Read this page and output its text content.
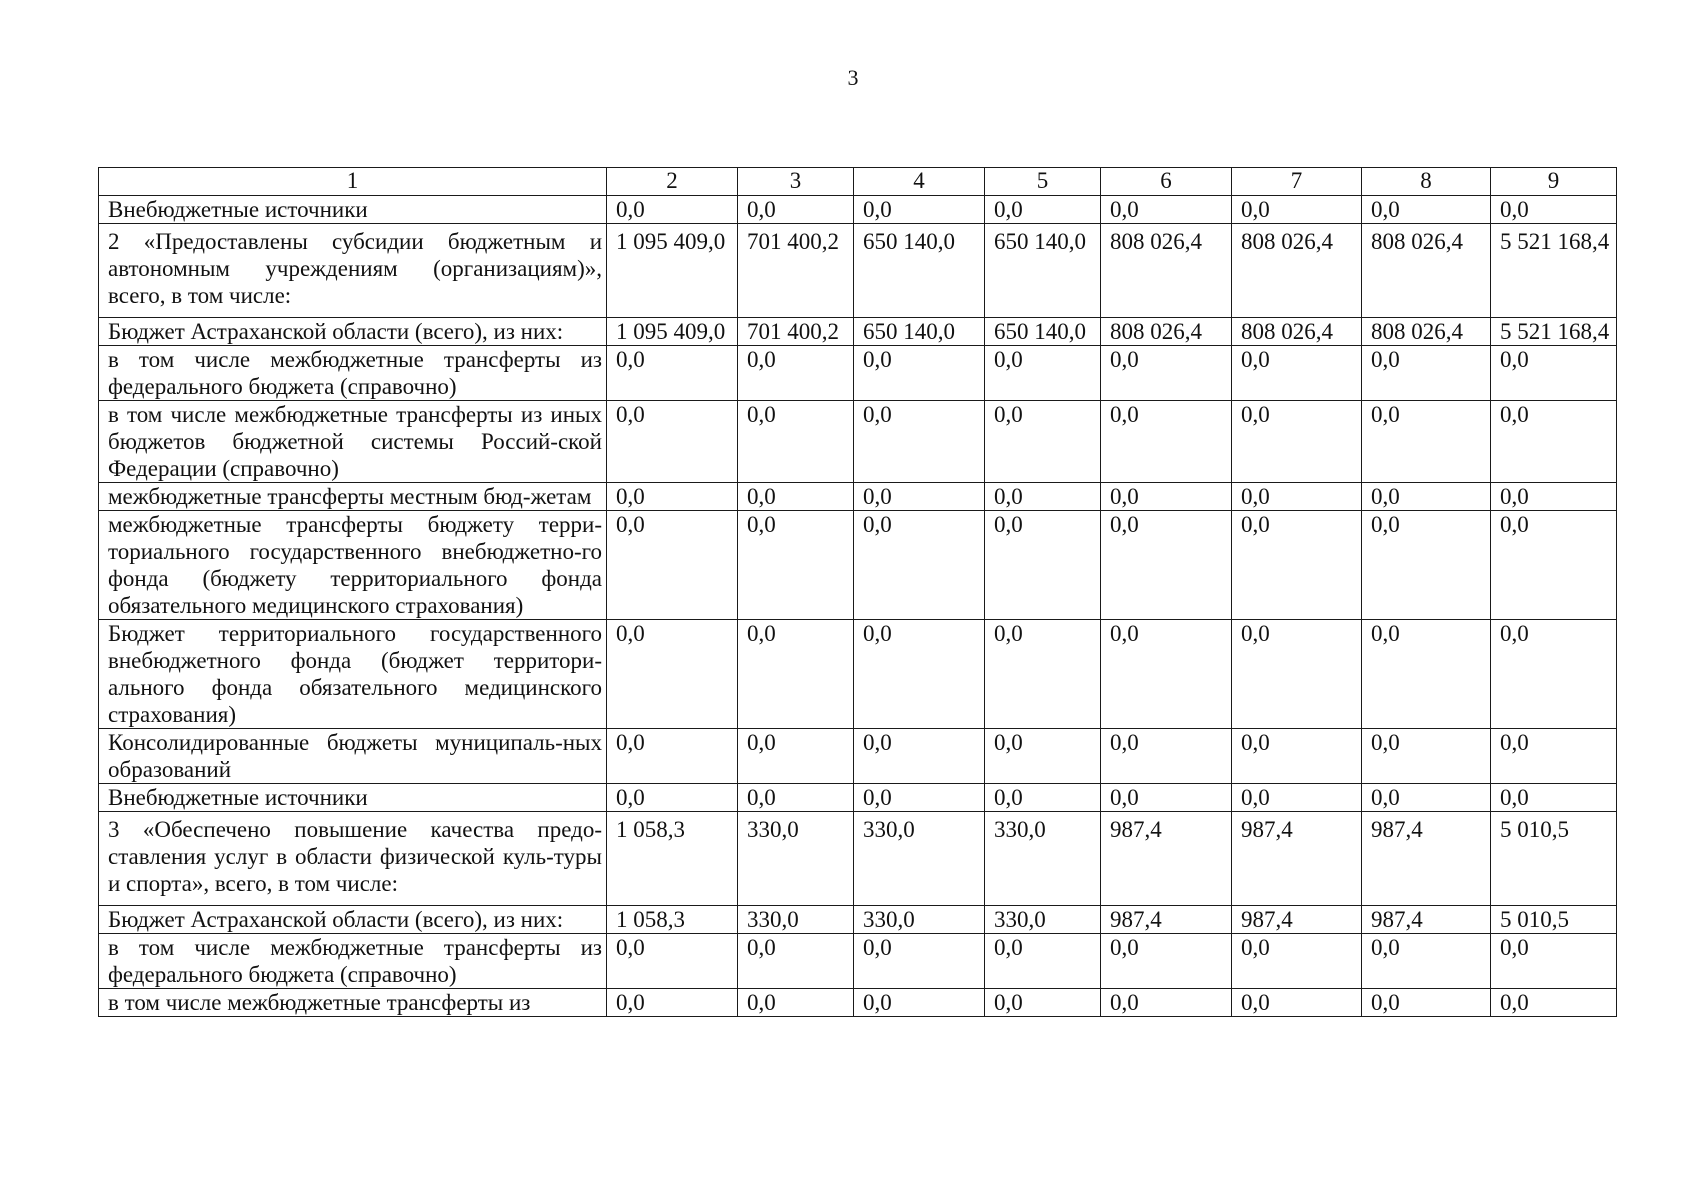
3
1	2	3	4	5	6	7	8	9
Внебюджетные источники	0,0	0,0	0,0	0,0	0,0	0,0	0,0	0,0
2 «Предоставлены субсидии бюджетным и автономным учреждениям (организациям)», всего, в том числе:	1 095 409,0	701 400,2	650 140,0	650 140,0	808 026,4	808 026,4	808 026,4	5 521 168,4
Бюджет Астраханской области (всего), из них:	1 095 409,0	701 400,2	650 140,0	650 140,0	808 026,4	808 026,4	808 026,4	5 521 168,4
в том числе межбюджетные трансферты из федерального бюджета (справочно)	0,0	0,0	0,0	0,0	0,0	0,0	0,0	0,0
в том числе межбюджетные трансферты из иных бюджетов бюджетной системы Россий-ской Федерации (справочно)	0,0	0,0	0,0	0,0	0,0	0,0	0,0	0,0
межбюджетные трансферты местным бюд-жетам	0,0	0,0	0,0	0,0	0,0	0,0	0,0	0,0
межбюджетные трансферты бюджету терри-ториального государственного внебюджетно-го фонда (бюджету территориального фонда обязательного медицинского страхования)	0,0	0,0	0,0	0,0	0,0	0,0	0,0	0,0
Бюджет территориального государственного внебюджетного фонда (бюджет территори-ального фонда обязательного медицинского страхования)	0,0	0,0	0,0	0,0	0,0	0,0	0,0	0,0
Консолидированные бюджеты муниципаль-ных образований	0,0	0,0	0,0	0,0	0,0	0,0	0,0	0,0
Внебюджетные источники	0,0	0,0	0,0	0,0	0,0	0,0	0,0	0,0
3 «Обеспечено повышение качества предо-ставления услуг в области физической куль-туры и спорта», всего, в том числе:	1 058,3	330,0	330,0	330,0	987,4	987,4	987,4	5 010,5
Бюджет Астраханской области (всего), из них:	1 058,3	330,0	330,0	330,0	987,4	987,4	987,4	5 010,5
в том числе межбюджетные трансферты из федерального бюджета (справочно)	0,0	0,0	0,0	0,0	0,0	0,0	0,0	0,0
в том числе межбюджетные трансферты из	0,0	0,0	0,0	0,0	0,0	0,0	0,0	0,0
